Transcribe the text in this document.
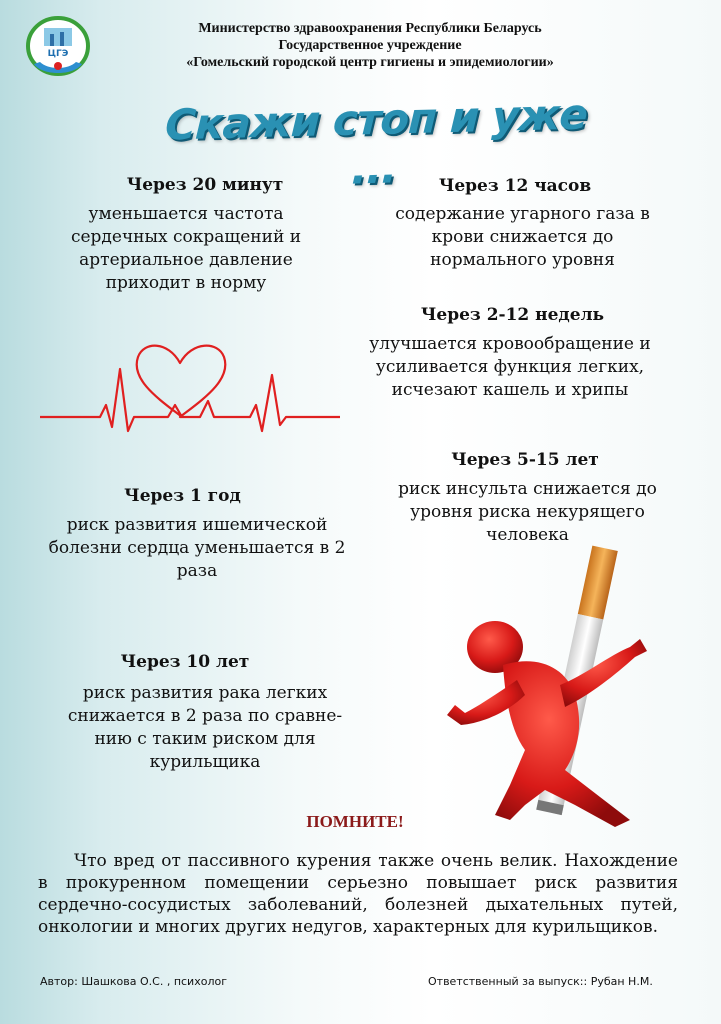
ЦГЭ
Министерство здравоохранения Республики Беларусь
Государственное учреждение
«Гомельский городской центр гигиены и эпидемиологии»
Скажи стоп и уже ...
Через 20 минут
уменьшается частота сердечных сокращений и артериальное давление приходит в норму
Через 1 год
риск развития ишемической болезни сердца уменьшается в 2 раза
Через 10 лет
риск развития рака легких снижается в 2 раза по сравне-нию с таким риском для курильщика
Через 12 часов
содержание угарного газа в крови снижается до нормального уровня
Через 2-12 недель
улучшается кровообращение и усиливается функция легких, исчезают кашель и хрипы
Через 5-15 лет
риск инсульта снижается до уровня риска некурящего человека
ПОМНИТЕ!
Что вред от пассивного курения также очень велик. Нахождение в прокуренном помещении серьезно повышает риск развития сердечно-сосудистых заболеваний, болезней дыхательных путей, онкологии и многих других недугов, характерных для курильщиков.
Автор: Шашкова О.С. , психолог	Ответственный за выпуск:: Рубан Н.М.
